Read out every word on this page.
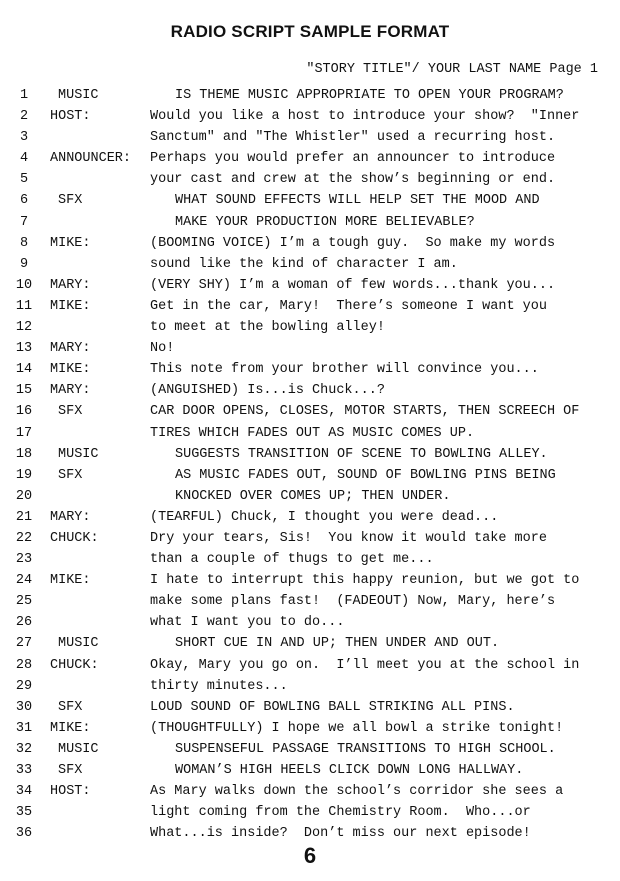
RADIO SCRIPT SAMPLE FORMAT
"STORY TITLE"/ YOUR LAST NAME Page 1
1	MUSIC	IS THEME MUSIC APPROPRIATE TO OPEN YOUR PROGRAM?
2	HOST:	Would you like a host to introduce your show?  "Inner
3	Sanctum" and "The Whistler" used a recurring host.
4	ANNOUNCER: Perhaps you would prefer an announcer to introduce
5	your cast and crew at the show’s beginning or end.
6	SFX	WHAT SOUND EFFECTS WILL HELP SET THE MOOD AND
7	MAKE YOUR PRODUCTION MORE BELIEVABLE?
8	MIKE:	(BOOMING VOICE) I’m a tough guy.  So make my words
9	sound like the kind of character I am.
10 MARY:	(VERY SHY) I’m a woman of few words...thank you...
11 MIKE:	Get in the car, Mary!  There’s someone I want you
12	to meet at the bowling alley!
13 MARY:	No!
14 MIKE:	This note from your brother will convince you...
15 MARY:	(ANGUISHED) Is...is Chuck...?
16 SFX	CAR DOOR OPENS, CLOSES, MOTOR STARTS, THEN SCREECH OF
17	TIRES WHICH FADES OUT AS MUSIC COMES UP.
18 MUSIC	SUGGESTS TRANSITION OF SCENE TO BOWLING ALLEY.
19 SFX	AS MUSIC FADES OUT, SOUND OF BOWLING PINS BEING
20	KNOCKED OVER COMES UP; THEN UNDER.
21 MARY:	(TEARFUL) Chuck, I thought you were dead...
22 CHUCK:	Dry your tears, Sis!  You know it would take more
23	than a couple of thugs to get me...
24 MIKE:	I hate to interrupt this happy reunion, but we got to
25	make some plans fast!  (FADEOUT) Now, Mary, here’s
26	what I want you to do...
27 MUSIC	SHORT CUE IN AND UP; THEN UNDER AND OUT.
28 CHUCK:	Okay, Mary you go on.  I’ll meet you at the school in
29	thirty minutes...
30 SFX	LOUD SOUND OF BOWLING BALL STRIKING ALL PINS.
31 MIKE:	(THOUGHTFULLY) I hope we all bowl a strike tonight!
32 MUSIC	SUSPENSEFUL PASSAGE TRANSITIONS TO HIGH SCHOOL.
33 SFX	WOMAN’S HIGH HEELS CLICK DOWN LONG HALLWAY.
34 HOST:	As Mary walks down the school’s corridor she sees a
35	light coming from the Chemistry Room.  Who...or
36	What...is inside?  Don’t miss our next episode!
6
